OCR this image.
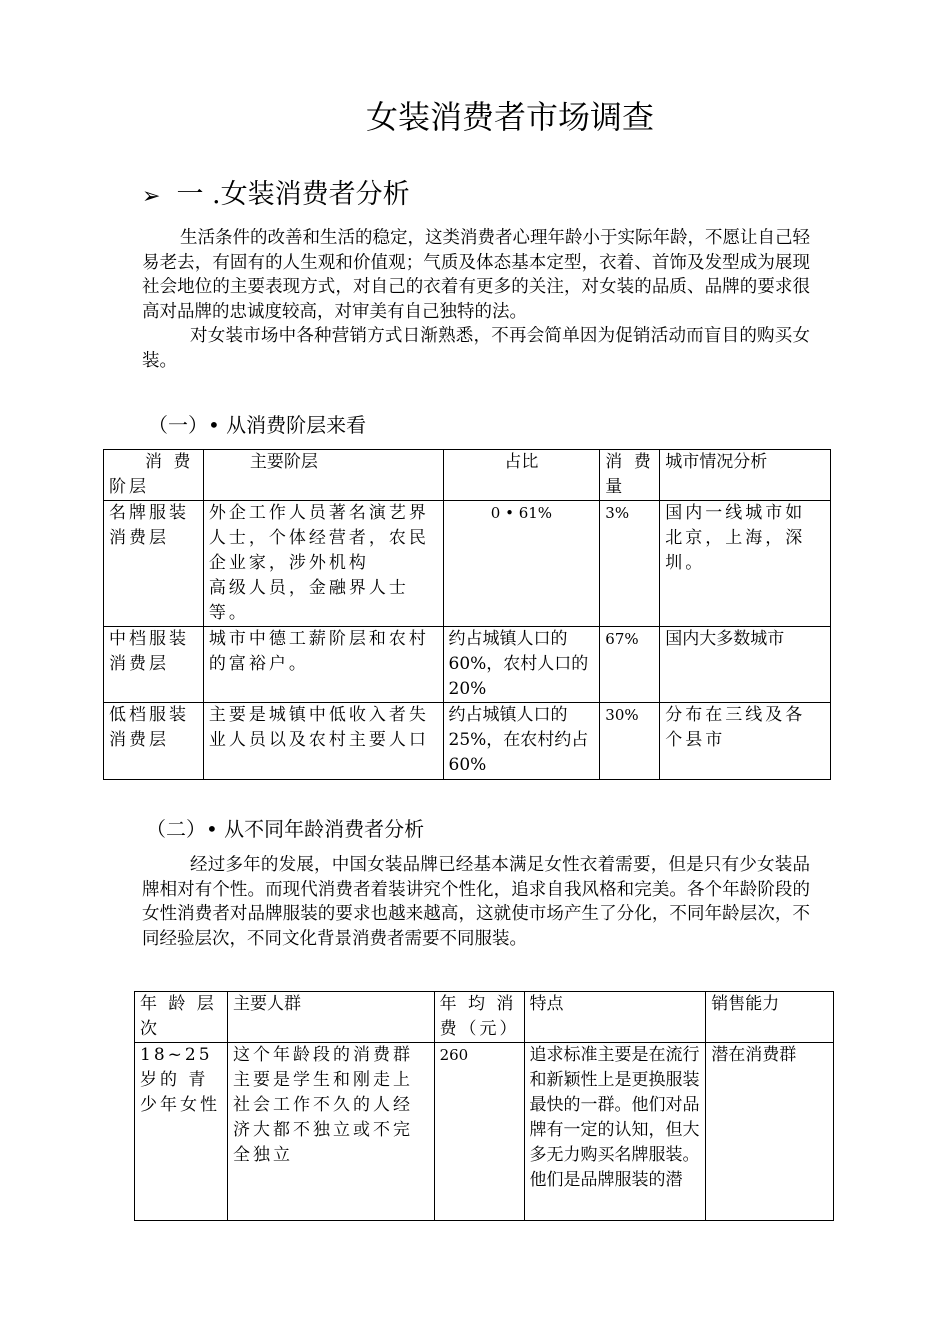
女装消费者市场调查
➢ 一 .女装消费者分析

生活条件的改善和生活的稳定，这类消费者心理年龄小于实际年龄，不愿让自己轻易老去，有固有的人生观和价值观；气质及体态基本定型，衣着、首饰及发型成为展现社会地位的主要表现方式，对自己的衣着有更多的关注，对女装的品质、品牌的要求很高对品牌的忠诚度较高，对审美有自己独特的法。

对女装市场中各种营销方式日渐熟悉，不再会简单因为促销活动而盲目的购买女装。

（一）• 从消费阶层来看
消 费阶层	主要阶层	占比	消 费量	城市情况分析
名牌服装消费层	外企工作人员著名演艺界人士，个体经营者，农民企业家，涉外机构
高级人员，金融界人士等。	0 • 61%	3%	国内一线城市如北京，上海，深圳。
中档服装消费层	城市中德工薪阶层和农村的富裕户。	约占城镇人口的60%，农村人口的20%	67%	国内大多数城市
低档服装消费层	主要是城镇中低收入者失业人员以及农村主要人口	约占城镇人口的25%，在农村约占60%	30%	分布在三线及各个县市
（二）• 从不同年龄消费者分析

经过多年的发展，中国女装品牌已经基本满足女性衣着需要，但是只有少女装品牌相对有个性。而现代消费者着装讲究个性化，追求自我风格和完美。各个年龄阶段的女性消费者对品牌服装的要求也越来越高，这就使市场产生了分化，不同年龄层次，不同经验层次，不同文化背景消费者需要不同服装。

年 龄 层次	主要人群	年 均 消费（元）	特点	销售能力
18~25 岁的 青 少年女性	这个年龄段的消费群主要是学生和刚走上社会工作不久的人经济大都不独立或不完全独立	260	追求标准主要是在流行和新颖性上是更换服装最快的一群。他们对品牌有一定的认知，但大多无力购买名牌服装。他们是品牌服装的潜	潜在消费群
